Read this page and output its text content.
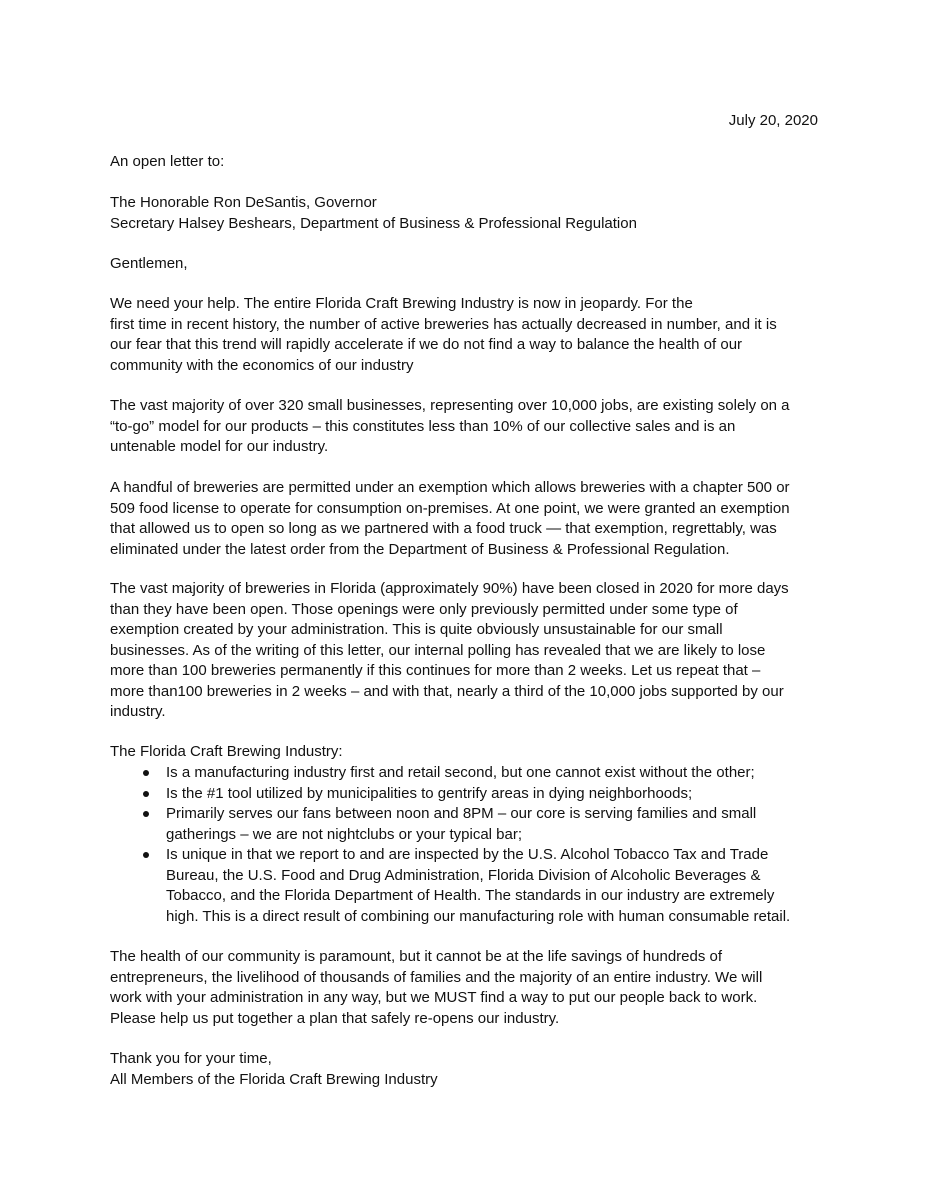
July 20, 2020
An open letter to:
The Honorable Ron DeSantis, Governor
Secretary Halsey Beshears, Department of Business & Professional Regulation
Gentlemen,
We need your help. The entire Florida Craft Brewing Industry is now in jeopardy. For the
first time in recent history, the number of active breweries has actually decreased in number, and it is
our fear that this trend will rapidly accelerate if we do not find a way to balance the health of our
community with the economics of our industry
The vast majority of over 320 small businesses, representing over 10,000 jobs, are existing solely on a
“to-go” model for our products – this constitutes less than 10% of our collective sales and is an
untenable model for our industry.
A handful of breweries are permitted under an exemption which allows breweries with a chapter 500 or
509 food license to operate for consumption on-premises. At one point, we were granted an exemption
that allowed us to open so long as we partnered with a food truck — that exemption, regrettably, was
eliminated under the latest order from the Department of Business & Professional Regulation.
The vast majority of breweries in Florida (approximately 90%) have been closed in 2020 for more days
than they have been open. Those openings were only previously permitted under some type of
exemption created by your administration. This is quite obviously unsustainable for our small
businesses. As of the writing of this letter, our internal polling has revealed that we are likely to lose
more than 100 breweries permanently if this continues for more than 2 weeks. Let us repeat that –
more than100 breweries in 2 weeks – and with that, nearly a third of the 10,000 jobs supported by our
industry.
The Florida Craft Brewing Industry:
Is a manufacturing industry first and retail second, but one cannot exist without the other;
Is the #1 tool utilized by municipalities to gentrify areas in dying neighborhoods;
Primarily serves our fans between noon and 8PM – our core is serving families and small
gatherings – we are not nightclubs or your typical bar;
Is unique in that we report to and are inspected by the U.S. Alcohol Tobacco Tax and Trade
Bureau, the U.S. Food and Drug Administration, Florida Division of Alcoholic Beverages &
Tobacco, and the Florida Department of Health. The standards in our industry are extremely
high. This is a direct result of combining our manufacturing role with human consumable retail.
The health of our community is paramount, but it cannot be at the life savings of hundreds of
entrepreneurs, the livelihood of thousands of families and the majority of an entire industry. We will
work with your administration in any way, but we MUST find a way to put our people back to work.
Please help us put together a plan that safely re-opens our industry.
Thank you for your time,
All Members of the Florida Craft Brewing Industry
